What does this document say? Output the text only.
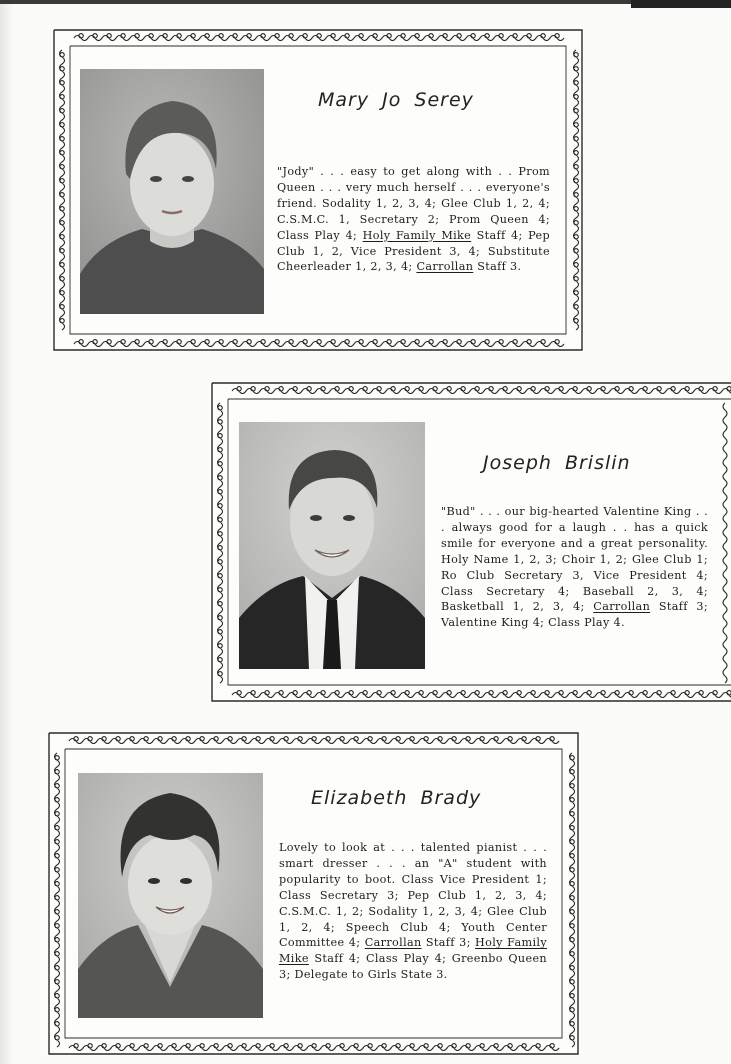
Mary Jo Serey

"Jody" . . . easy to get along with . . Prom Queen . . . very much herself . . . everyone's friend. Sodality 1, 2, 3, 4; Glee Club 1, 2, 4; C.S.M.C. 1, Secretary 2; Prom Queen 4; Class Play 4; Holy Family Mike Staff 4; Pep Club 1, 2, Vice President 3, 4; Substitute Cheerleader 1, 2, 3, 4; Carrollan Staff 3.

Joseph Brislin

"Bud" . . . our big-hearted Valentine King . . . always good for a laugh . . has a quick smile for everyone and a great personality. Holy Name 1, 2, 3; Choir 1, 2; Glee Club 1; Ro Club Secretary 3, Vice President 4; Class Secretary 4; Baseball 2, 3, 4; Basketball 1, 2, 3, 4; Carrollan Staff 3; Valentine King 4; Class Play 4.

Elizabeth Brady

Lovely to look at . . . talented pianist . . . smart dresser . . . an "A" student with popularity to boot. Class Vice President 1; Class Secretary 3; Pep Club 1, 2, 3, 4; C.S.M.C. 1, 2; Sodality 1, 2, 3, 4; Glee Club 1, 2, 4; Speech Club 4; Youth Center Committee 4; Carrollan Staff 3; Holy Family Mike Staff 4; Class Play 4; Greenbo Queen 3; Delegate to Girls State 3.
